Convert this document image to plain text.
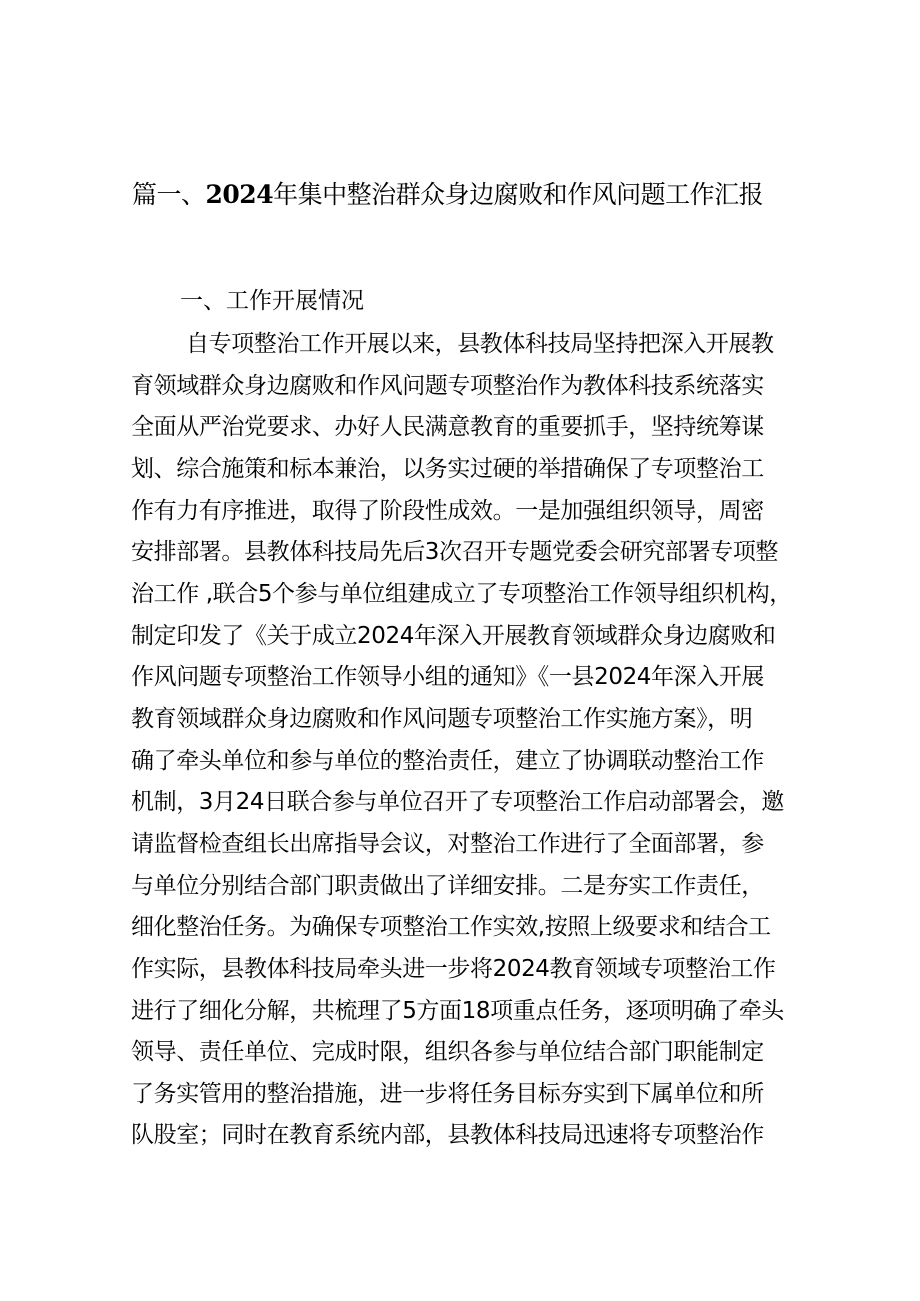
篇一、2024年集中整治群众身边腐败和作风问题工作汇报
一、工作开展情况
自专项整治工作开展以来，县教体科技局坚持把深入开展教
育领域群众身边腐败和作风问题专项整治作为教体科技系统落实
全面从严治党要求、办好人民满意教育的重要抓手，坚持统筹谋
划、综合施策和标本兼治，以务实过硬的举措确保了专项整治工
作有力有序推进，取得了阶段性成效。一是加强组织领导，周密
安排部署。县教体科技局先后3次召开专题党委会研究部署专项整
治工作 ,联合5个参与单位组建成立了专项整治工作领导组织机构，
制定印发了《关于成立2024年深入开展教育领域群众身边腐败和
作风问题专项整治工作领导小组的通知》《一县2024年深入开展
教育领域群众身边腐败和作风问题专项整治工作实施方案》，明
确了牵头单位和参与单位的整治责任，建立了协调联动整治工作
机制，3月24日联合参与单位召开了专项整治工作启动部署会，邀
请监督检查组长出席指导会议，对整治工作进行了全面部署，参
与单位分别结合部门职责做出了详细安排。二是夯实工作责任，
细化整治任务。为确保专项整治工作实效,按照上级要求和结合工
作实际，县教体科技局牵头进一步将2024教育领域专项整治工作
进行了细化分解，共梳理了5方面18项重点任务，逐项明确了牵头
领导、责任单位、完成时限，组织各参与单位结合部门职能制定
了务实管用的整治措施，进一步将任务目标夯实到下属单位和所
队股室；同时在教育系统内部，县教体科技局迅速将专项整治作
